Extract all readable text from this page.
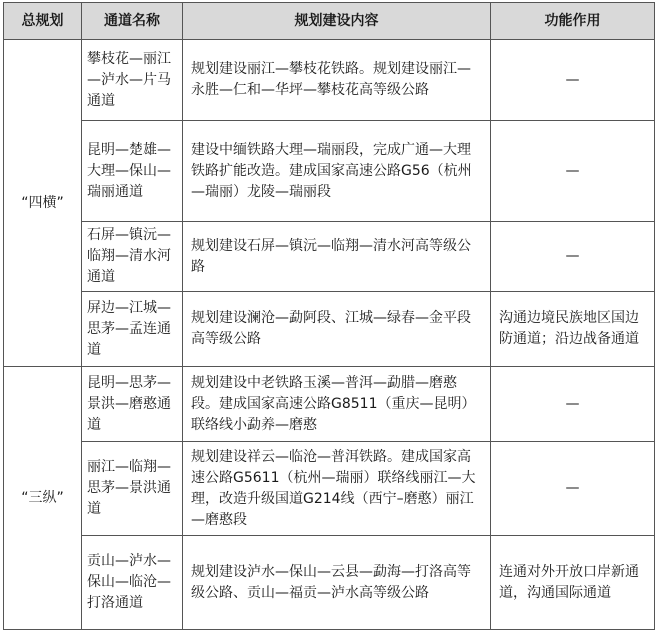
总规划	通道名称	规划建设内容	功能作用
“四横”	攀枝花—丽江—泸水—片马通道	规划建设丽江—攀枝花铁路。规划建设丽江—永胜—仁和—华坪—攀枝花高等级公路	—
	昆明—楚雄—大理—保山—瑞丽通道	建设中缅铁路大理—瑞丽段，完成广通—大理铁路扩能改造。建成国家高速公路G56（杭州—瑞丽）龙陵—瑞丽段	—
	石屏—镇沅—临翔—清水河通道	规划建设石屏—镇沅—临翔—清水河高等级公路	—
	屏边—江城—思茅—孟连通道	规划建设澜沧—勐阿段、江城—绿春—金平段高等级公路	沟通边境民族地区国边防通道；沿边战备通道
“三纵”	昆明—思茅—景洪—磨憨通道	规划建设中老铁路玉溪—普洱—勐腊—磨憨段。建成国家高速公路G8511（重庆—昆明）联络线小勐养—磨憨	—
	丽江—临翔—思茅—景洪通道	规划建设祥云—临沧—普洱铁路。建成国家高速公路G5611（杭州—瑞丽）联络线丽江—大理，改造升级国道G214线（西宁–磨憨）丽江—磨憨段	—
	贡山—泸水—保山—临沧—打洛通道	规划建设泸水—保山—云县—勐海—打洛高等级公路、贡山—福贡—泸水高等级公路	连通对外开放口岸新通道，沟通国际通道
